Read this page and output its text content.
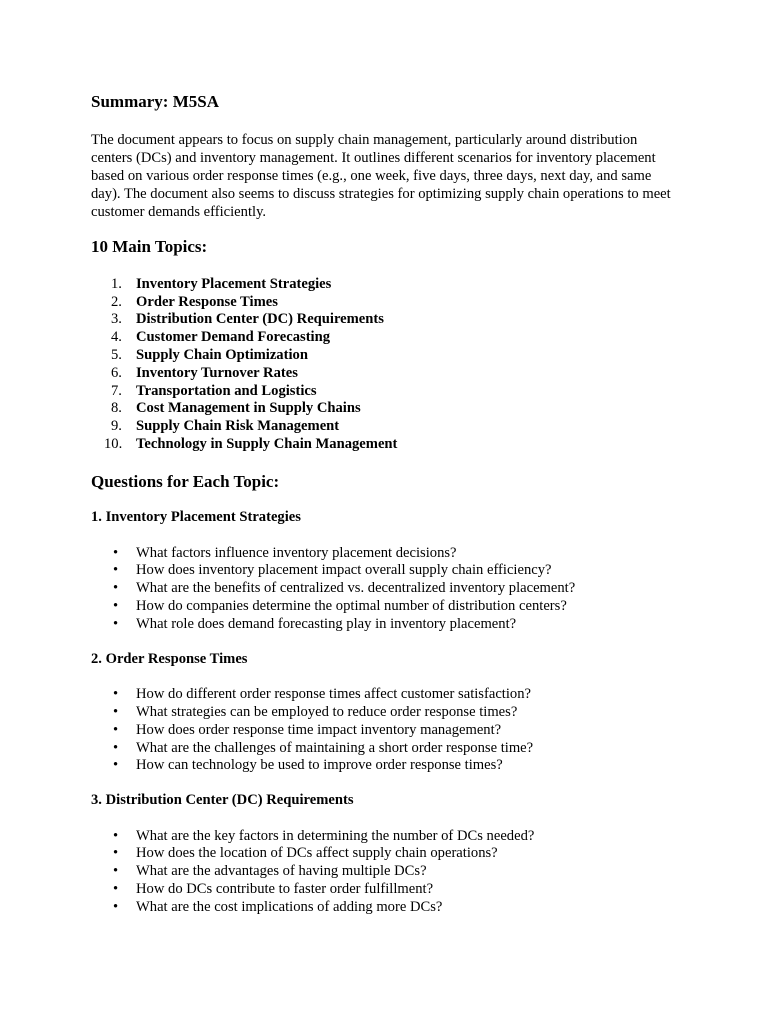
Summary: M5SA

The document appears to focus on supply chain management, particularly around distribution centers (DCs) and inventory management. It outlines different scenarios for inventory placement based on various order response times (e.g., one week, five days, three days, next day, and same day). The document also seems to discuss strategies for optimizing supply chain operations to meet customer demands efficiently.

10 Main Topics:
1. Inventory Placement Strategies
2. Order Response Times
3. Distribution Center (DC) Requirements
4. Customer Demand Forecasting
5. Supply Chain Optimization
6. Inventory Turnover Rates
7. Transportation and Logistics
8. Cost Management in Supply Chains
9. Supply Chain Risk Management
10. Technology in Supply Chain Management
Questions for Each Topic:
1. Inventory Placement Strategies
• What factors influence inventory placement decisions?
• How does inventory placement impact overall supply chain efficiency?
• What are the benefits of centralized vs. decentralized inventory placement?
• How do companies determine the optimal number of distribution centers?
• What role does demand forecasting play in inventory placement?
2. Order Response Times
• How do different order response times affect customer satisfaction?
• What strategies can be employed to reduce order response times?
• How does order response time impact inventory management?
• What are the challenges of maintaining a short order response time?
• How can technology be used to improve order response times?
3. Distribution Center (DC) Requirements
• What are the key factors in determining the number of DCs needed?
• How does the location of DCs affect supply chain operations?
• What are the advantages of having multiple DCs?
• How do DCs contribute to faster order fulfillment?
• What are the cost implications of adding more DCs?
